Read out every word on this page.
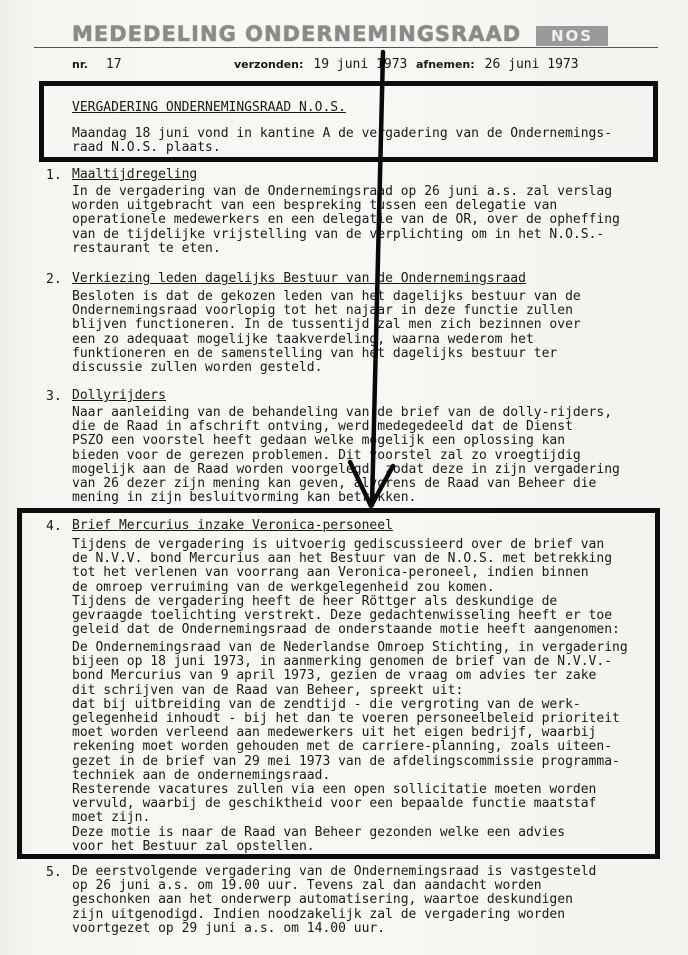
MEDEDELING ONDERNEMINGSRAAD	NOS
nr. 17	verzonden: 19 juni 1973 afnemen: 26 juni 1973
VERGADERING ONDERNEMINGSRAAD N.O.S.
Maandag 18 juni vond in kantine A de vergadering van de Ondernemings-
raad N.O.S. plaats.
1. Maaltijdregeling
In de vergadering van de Ondernemingsraad op 26 juni a.s. zal verslag
worden uitgebracht van een bespreking tussen een delegatie van
operationele medewerkers en een delegatie van de OR, over de opheffing
van de tijdelijke vrijstelling van de verplichting om in het N.O.S.-
restaurant te eten.
2. Verkiezing leden dagelijks Bestuur van de Ondernemingsraad
Besloten is dat de gekozen leden van het dagelijks bestuur van de
Ondernemingsraad voorlopig tot het najaar in deze functie zullen
blijven functioneren. In de tussentijd zal men zich bezinnen over
een zo adequaat mogelijke taakverdeling, waarna wederom het
funktioneren en de samenstelling van het dagelijks bestuur ter
discussie zullen worden gesteld.
3. Dollyrijders
Naar aanleiding van de behandeling van de brief van de dolly-rijders,
die de Raad in afschrift ontving, werd medegedeeld dat de Dienst
PSZO een voorstel heeft gedaan welke mogelijk een oplossing kan
bieden voor de gerezen problemen. Dit voorstel zal zo vroegtijdig
mogelijk aan de Raad worden voorgelegd, zodat deze in zijn vergadering
van 26 dezer zijn mening kan geven, alvorens de Raad van Beheer die
mening in zijn besluitvorming kan betrekken.
4. Brief Mercurius inzake Veronica-personeel
Tijdens de vergadering is uitvoerig gediscussieerd over de brief van
de N.V.V. bond Mercurius aan het Bestuur van de N.O.S. met betrekking
tot het verlenen van voorrang aan Veronica-peroneel, indien binnen
de omroep verruiming van de werkgelegenheid zou komen.
Tijdens de vergadering heeft de heer Röttger als deskundige de
gevraagde toelichting verstrekt. Deze gedachtenwisseling heeft er toe
geleid dat de Ondernemingsraad de onderstaande motie heeft aangenomen:
De Ondernemingsraad van de Nederlandse Omroep Stichting, in vergadering
bijeen op 18 juni 1973, in aanmerking genomen de brief van de N.V.V.-
bond Mercurius van 9 april 1973, gezien de vraag om advies ter zake
dit schrijven van de Raad van Beheer, spreekt uit:
dat bij uitbreiding van de zendtijd - die vergroting van de werk-
gelegenheid inhoudt - bij het dan te voeren personeelbeleid prioriteit
moet worden verleend aan medewerkers uit het eigen bedrijf, waarbij
rekening moet worden gehouden met de carriere-planning, zoals uiteen-
gezet in de brief van 29 mei 1973 van de afdelingscommissie programma-
techniek aan de ondernemingsraad.
Resterende vacatures zullen via een open sollicitatie moeten worden
vervuld, waarbij de geschiktheid voor een bepaalde functie maatstaf
moet zijn.
Deze motie is naar de Raad van Beheer gezonden welke een advies
voor het Bestuur zal opstellen.
5. De eerstvolgende vergadering van de Ondernemingsraad is vastgesteld
op 26 juni a.s. om 19.00 uur. Tevens zal dan aandacht worden
geschonken aan het onderwerp automatisering, waartoe deskundigen
zijn uitgenodigd. Indien noodzakelijk zal de vergadering worden
voortgezet op 29 juni a.s. om 14.00 uur.
